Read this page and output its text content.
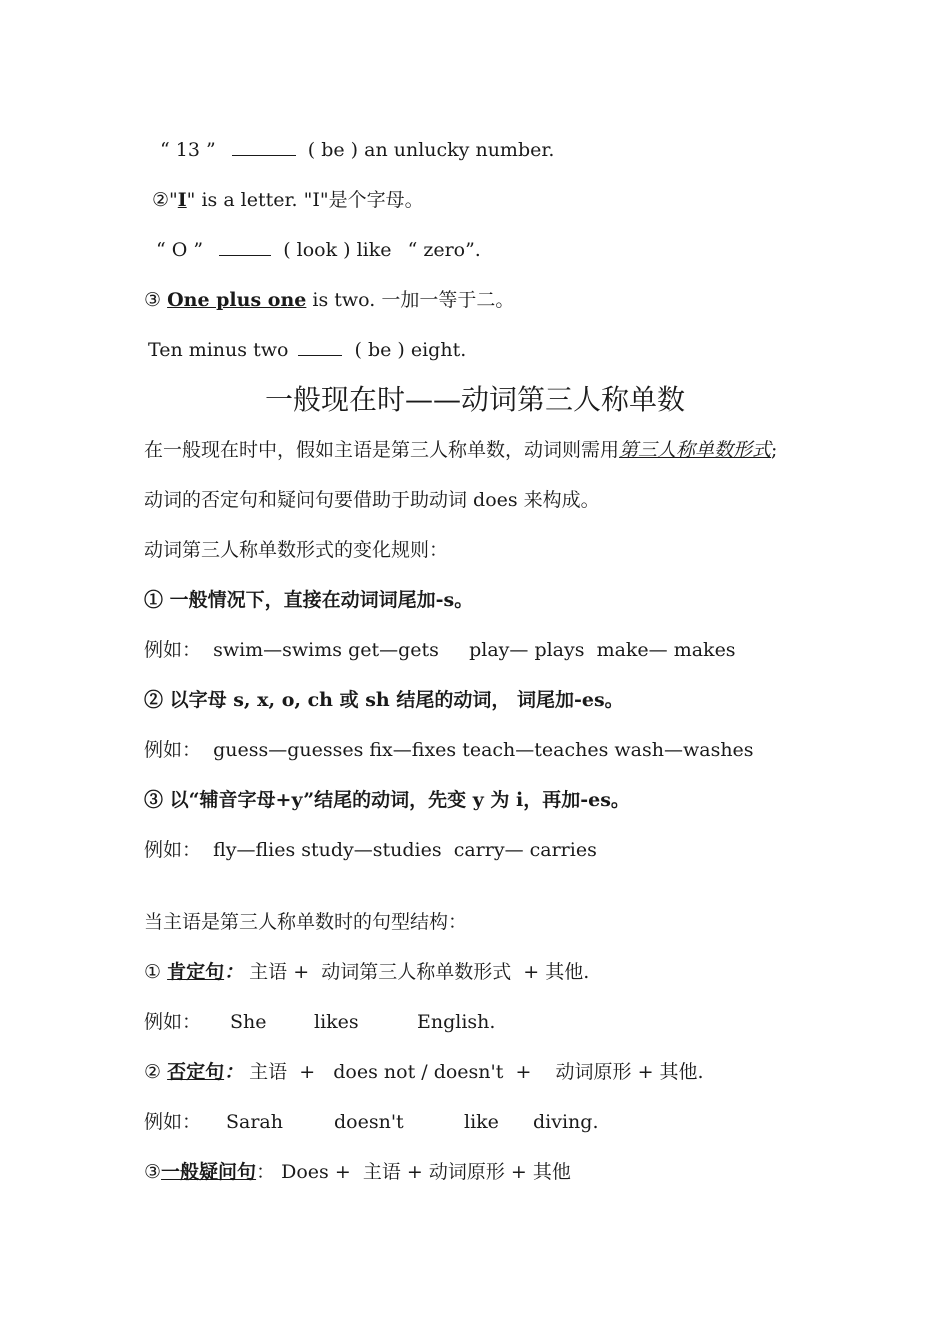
“ 13 ”	( be ) an unlucky number.
②"I" is a letter. "I"是个字母。
“ O ”	( look ) like “ zero”.
③ One plus one is two. 一加一等于二。
Ten minus two	( be ) eight.
一般现在时——动词第三人称单数
在一般现在时中，假如主语是第三人称单数，动词则需用第三人称单数形式;
动词的否定句和疑问句要借助于助动词 does 来构成。
动词第三人称单数形式的变化规则：
① 一般情况下，直接在动词词尾加-s。
例如： swim—swims get—gets     play— plays  make— makes
② 以字母 s, x, o, ch 或 sh 结尾的动词， 词尾加-es。
例如： guess—guesses fix—fixes teach—teaches wash—washes
③ 以“辅音字母+y”结尾的动词，先变 y 为 i，再加-es。
例如： fly—flies study—studies  carry— carries
当主语是第三人称单数时的句型结构：
① 肯定句： 主语 +  动词第三人称单数形式  + 其他.
例如： She	likes	English.
② 否定句： 主语  +   does not / doesn't  +    动词原形 + 其他.
例如： Sarah	doesn't	like diving.
③一般疑问句： Does +  主语 + 动词原形 + 其他
